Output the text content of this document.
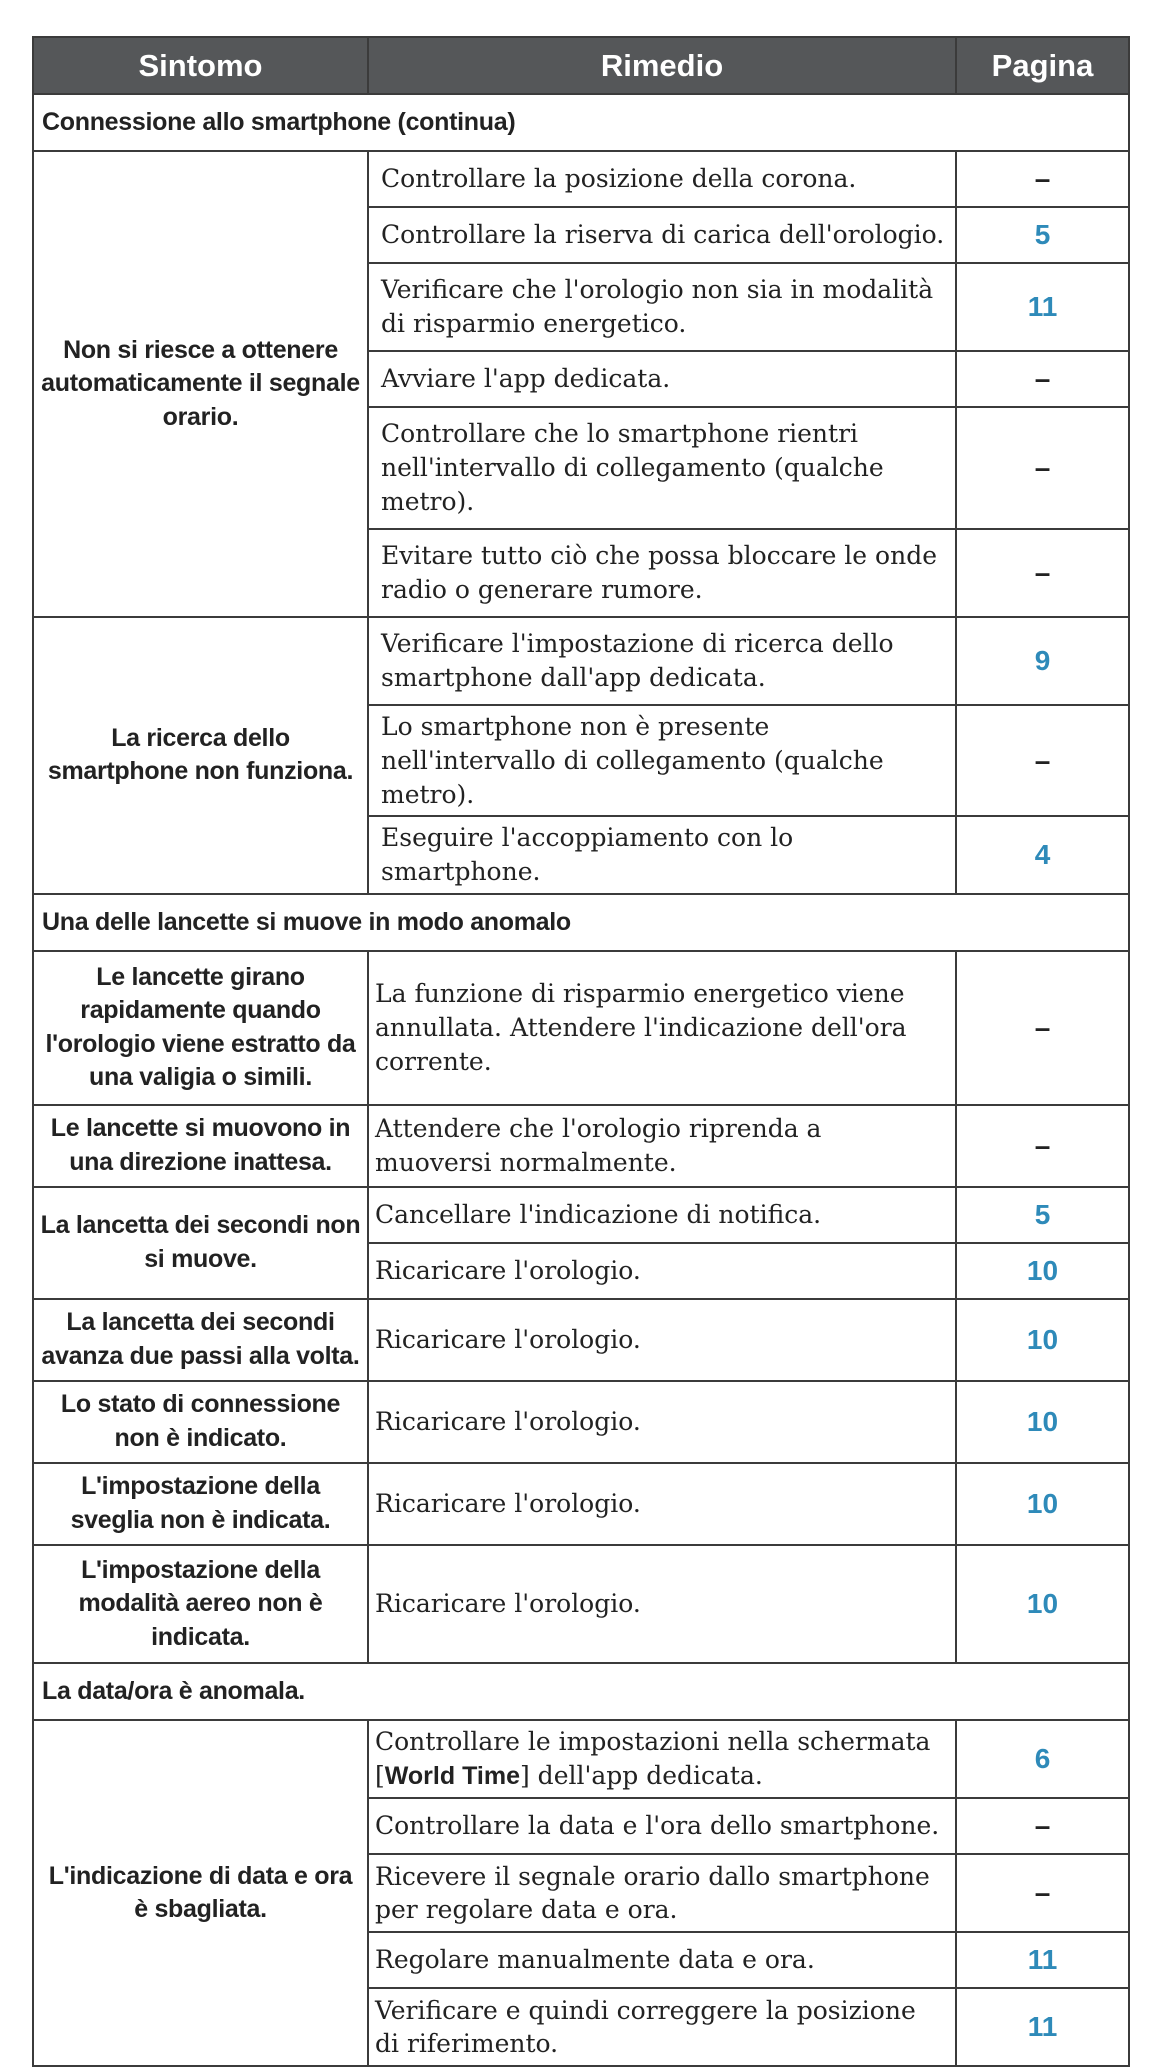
Sintomo	Rimedio	Pagina
Connessione allo smartphone (continua)		
Non si riesce a ottenere automaticamente il segnale orario.	Controllare la posizione della corona.	–
	Controllare la riserva di carica dell'orologio.	5
	Verificare che l'orologio non sia in modalità di risparmio energetico.	11
	Avviare l'app dedicata.	–
	Controllare che lo smartphone rientri nell'intervallo di collegamento (qualche metro).	–
	Evitare tutto ciò che possa bloccare le onde radio o generare rumore.	–
La ricerca dello smartphone non funziona.	Verificare l'impostazione di ricerca dello smartphone dall'app dedicata.	9
	Lo smartphone non è presente nell'intervallo di collegamento (qualche metro).	–
	Eseguire l'accoppiamento con lo smartphone.	4
Una delle lancette si muove in modo anomalo		
Le lancette girano rapidamente quando l'orologio viene estratto da una valigia o simili.	La funzione di risparmio energetico viene annullata. Attendere l'indicazione dell'ora corrente.	–
Le lancette si muovono in una direzione inattesa.	Attendere che l'orologio riprenda a muoversi normalmente.	–
La lancetta dei secondi non si muove.	Cancellare l'indicazione di notifica.	5
	Ricaricare l'orologio.	10
La lancetta dei secondi avanza due passi alla volta.	Ricaricare l'orologio.	10
Lo stato di connessione non è indicato.	Ricaricare l'orologio.	10
L'impostazione della sveglia non è indicata.	Ricaricare l'orologio.	10
L'impostazione della modalità aereo non è indicata.	Ricaricare l'orologio.	10
La data/ora è anomala.		
L'indicazione di data e ora è sbagliata.	Controllare le impostazioni nella schermata [World Time] dell'app dedicata.	6
	Controllare la data e l'ora dello smartphone.	–
	Ricevere il segnale orario dallo smartphone per regolare data e ora.	–
	Regolare manualmente data e ora.	11
	Verificare e quindi correggere la posizione di riferimento.	11
